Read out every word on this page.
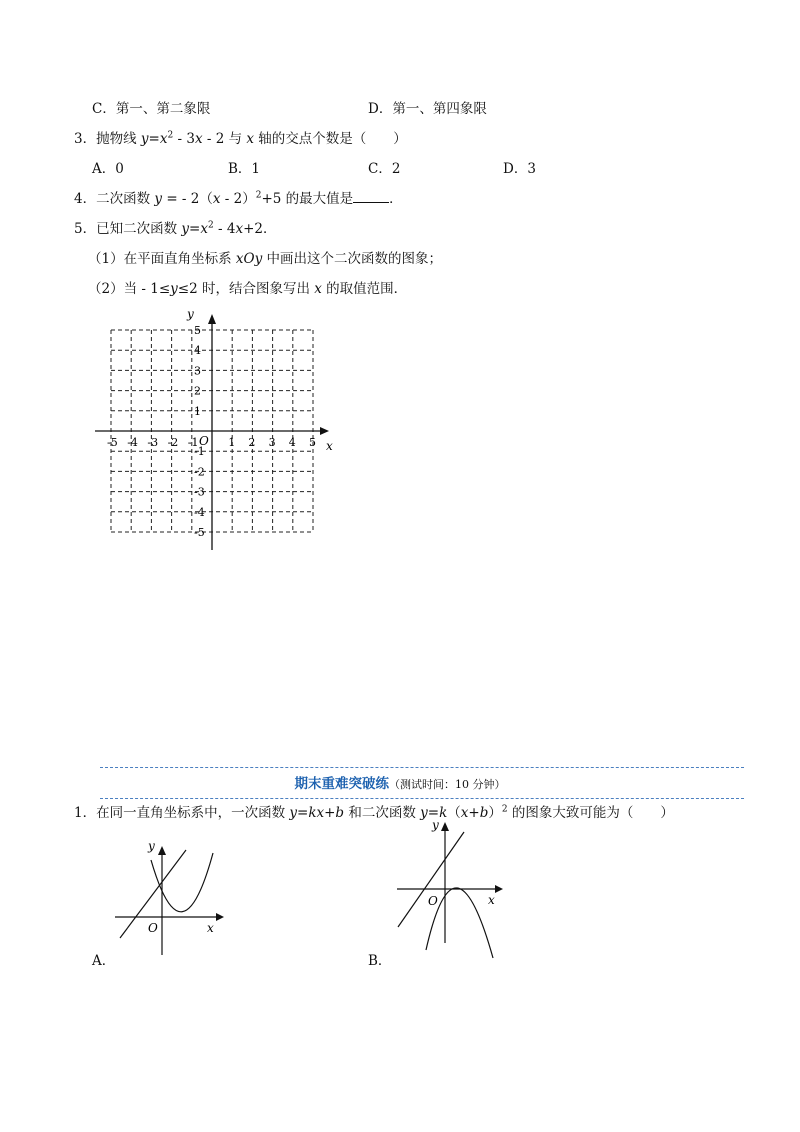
C．第一、第二象限	D．第一、第四象限
3．抛物线 $y=x^2 - 3x - 2$ 与 x 轴的交点个数是（　　）
A．0	B．1	C．2	D．3
4．二次函数 y = - 2（x - 2）$^2$+5 的最大值是	．
5．已知二次函数 $y=x^2 - 4x+2$．
（1）在平面直角坐标系 xOy 中画出这个二次函数的图象；
（2）当 - 1≤y≤2 时，结合图象写出 x 的取值范围．
-5 -4 -3 -2 -1	1 2 3 4 5
5
4
3
2
1
-1
-2
-3
-4
-5
x
y
O
x
y
O
x
y
O
期末重难突破练（测试时间：10 分钟）
1．在同一直角坐标系中，一次函数 y=kx+b 和二次函数 $y=k(x+b)^2$ 的图象大致可能为（　　）
A．	B．
